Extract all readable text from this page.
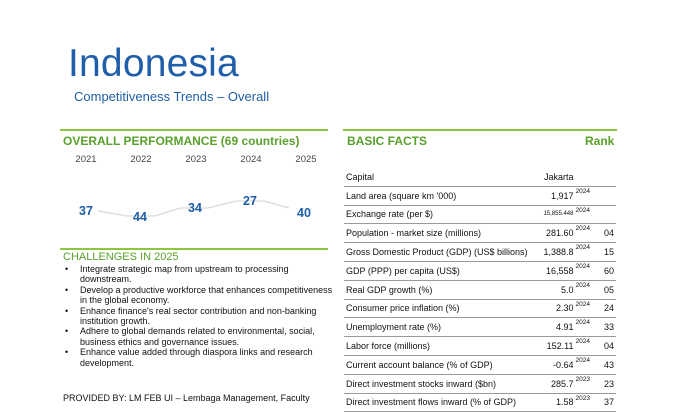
Indonesia
Competitiveness Trends – Overall
OVERALL PERFORMANCE (69 countries)
2021	2022	2023	2024	2025
37	44
34	27
40
CHALLENGES IN 2025
• Integrate strategic map from upstream to processing downstream.
• Develop a productive workforce that enhances competitiveness in the global economy.
• Enhance finance's real sector contribution and non-banking institution growth.
• Adhere to global demands related to environmental, social, business ethics and governance issues.
• Enhance value added through diaspora links and research development.
PROVIDED BY: LM FEB UI – Lembaga Management, Faculty
BASIC FACTS	Rank
Capital	Jakarta		
Land area (square km '000)	1,917	2024	
Exchange rate (per $)	15,855.448	2024	
Population - market size (millions)	281.60	2024	04
Gross Domestic Product (GDP) (US$ billions)	1,388.8	2024	15
GDP (PPP) per capita (US$)	16,558	2024	60
Real GDP growth (%)	5.0	2024	05
Consumer price inflation (%)	2.30	2024	24
Unemployment rate (%)	4.91	2024	33
Labor force (millions)	152.11	2024	04
Current account balance (% of GDP)	-0.64	2024	43
Direct investment stocks inward ($bn)	285.7	2023	23
Direct investment flows inward (% of GDP)	1.58	2023	37
